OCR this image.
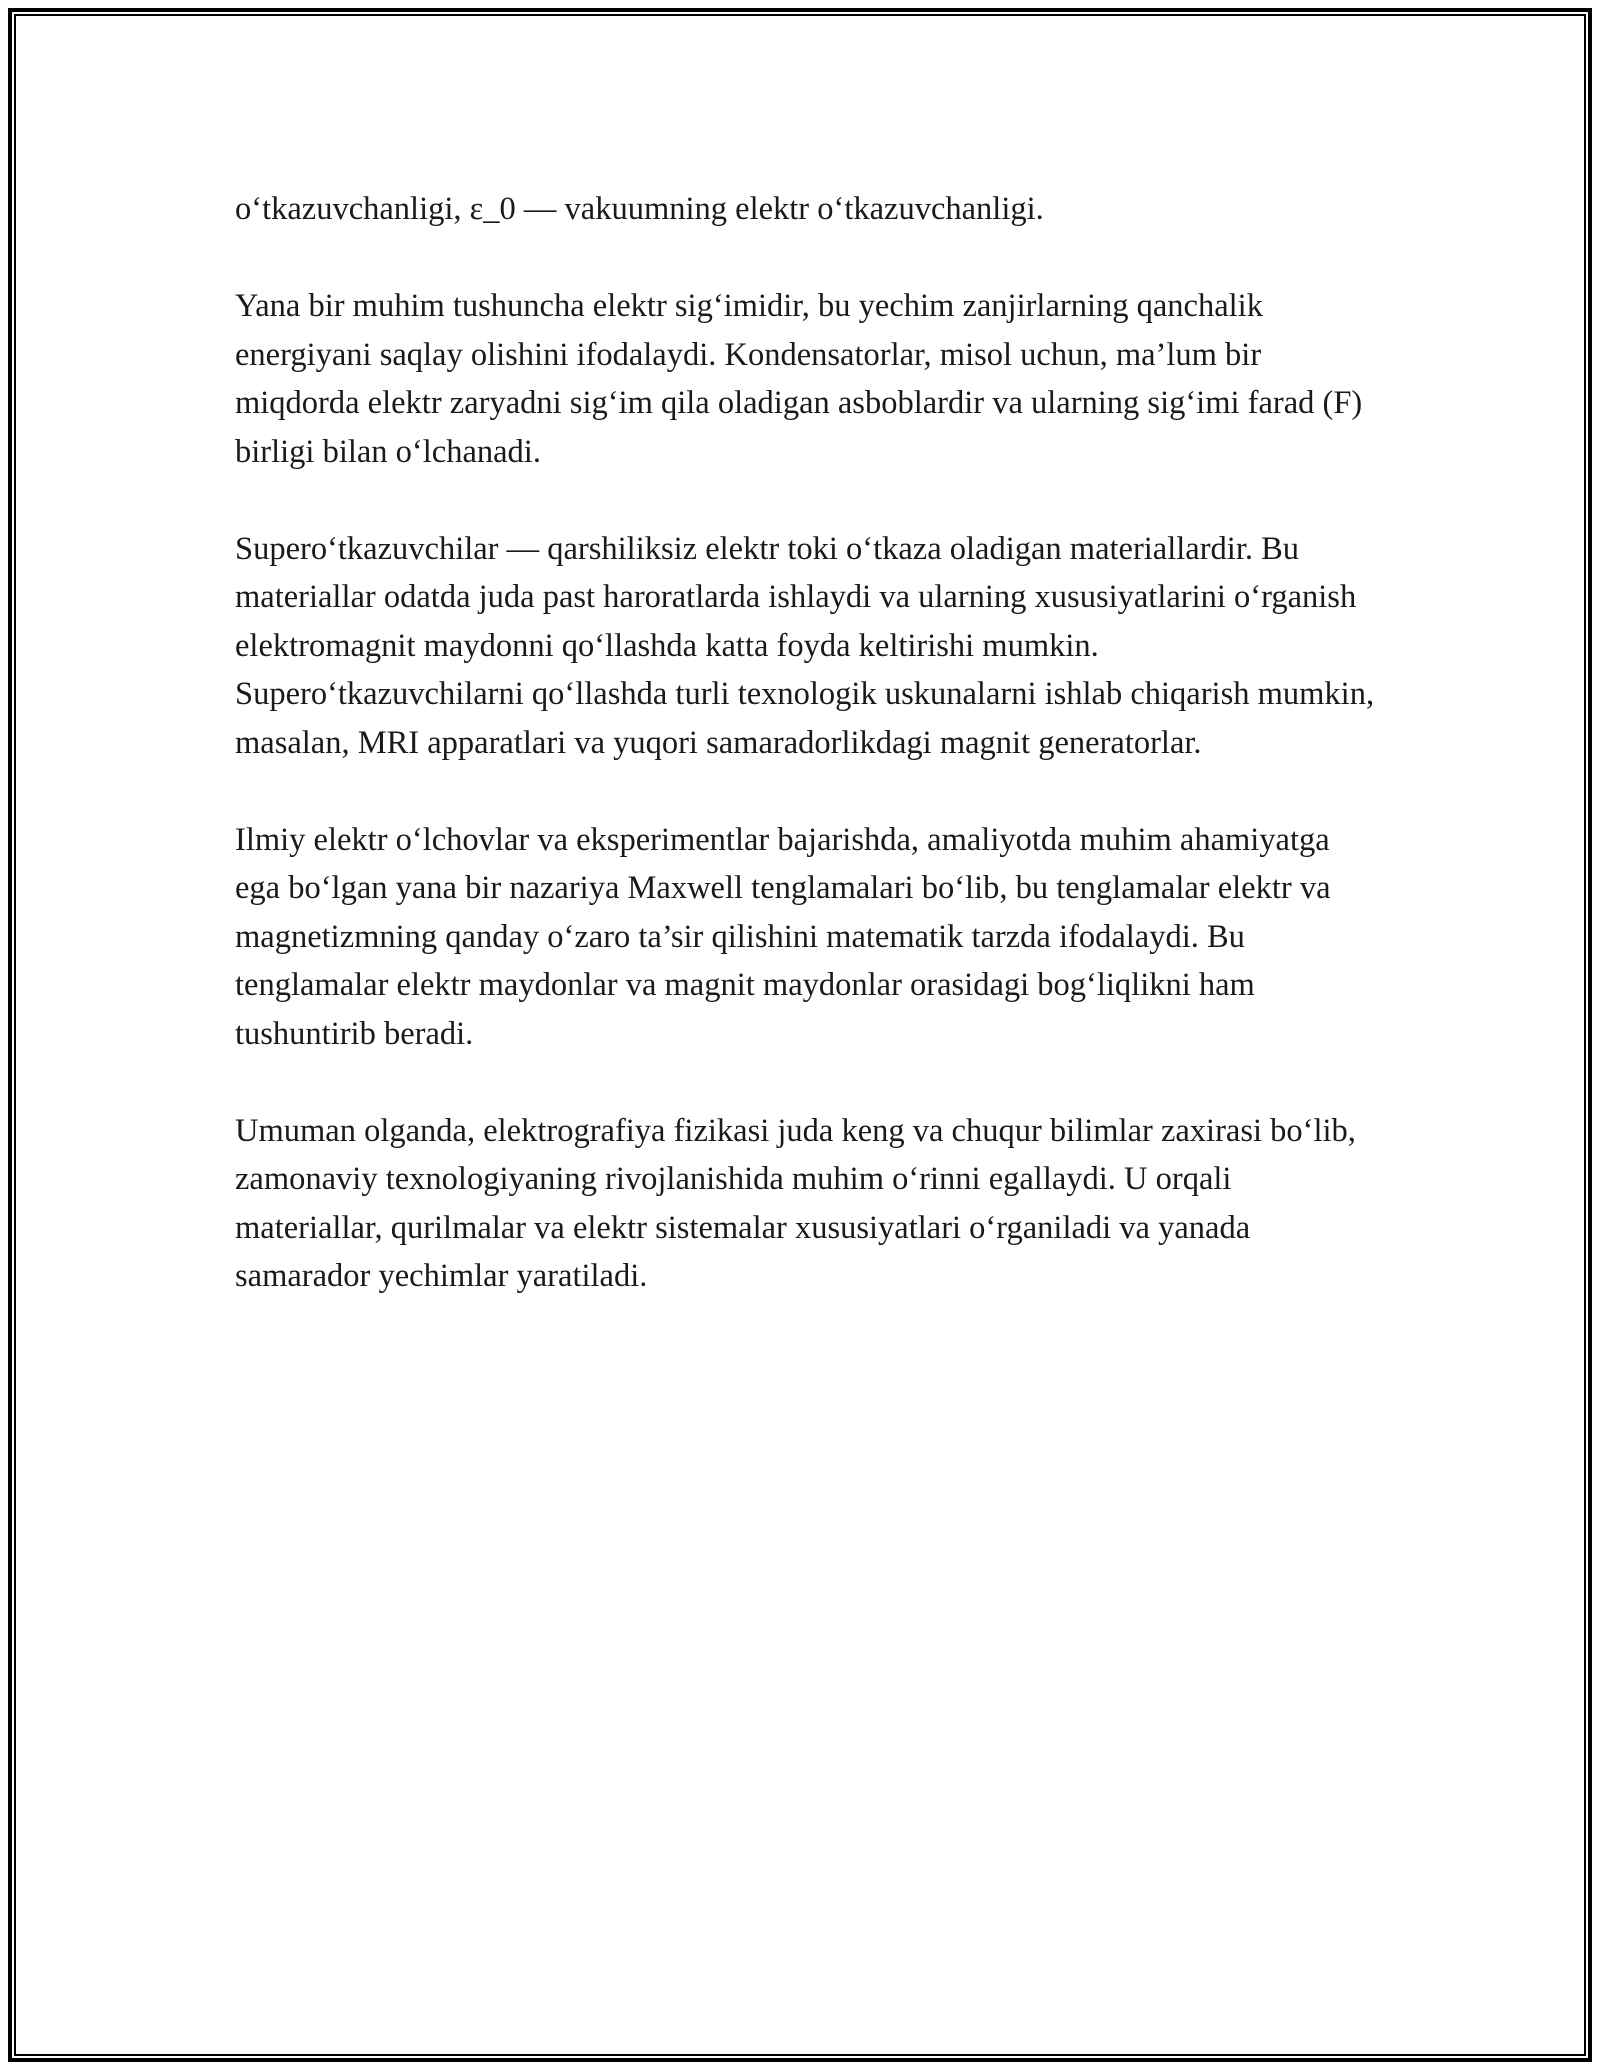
o‘tkazuvchanligi, ε_0 — vakuumning elektr o‘tkazuvchanligi.

Yana bir muhim tushuncha elektr sig‘imidir, bu yechim zanjirlarning qanchalik energiyani saqlay olishini ifodalaydi. Kondensatorlar, misol uchun, ma’lum bir miqdorda elektr zaryadni sig‘im qila oladigan asboblardir va ularning sig‘imi farad (F) birligi bilan o‘lchanadi.

Supero‘tkazuvchilar — qarshiliksiz elektr toki o‘tkaza oladigan materiallardir. Bu materiallar odatda juda past haroratlarda ishlaydi va ularning xususiyatlarini o‘rganish elektromagnit maydonni qo‘llashda katta foyda keltirishi mumkin. Supero‘tkazuvchilarni qo‘llashda turli texnologik uskunalarni ishlab chiqarish mumkin, masalan, MRI apparatlari va yuqori samaradorlikdagi magnit generatorlar.

Ilmiy elektr o‘lchovlar va eksperimentlar bajarishda, amaliyotda muhim ahamiyatga ega bo‘lgan yana bir nazariya Maxwell tenglamalari bo‘lib, bu tenglamalar elektr va magnetizmning qanday o‘zaro ta’sir qilishini matematik tarzda ifodalaydi. Bu tenglamalar elektr maydonlar va magnit maydonlar orasidagi bog‘liqlikni ham tushuntirib beradi.

Umuman olganda, elektrografiya fizikasi juda keng va chuqur bilimlar zaxirasi bo‘lib, zamonaviy texnologiyaning rivojlanishida muhim o‘rinni egallaydi. U orqali materiallar, qurilmalar va elektr sistemalar xususiyatlari o‘rganiladi va yanada samarador yechimlar yaratiladi.
